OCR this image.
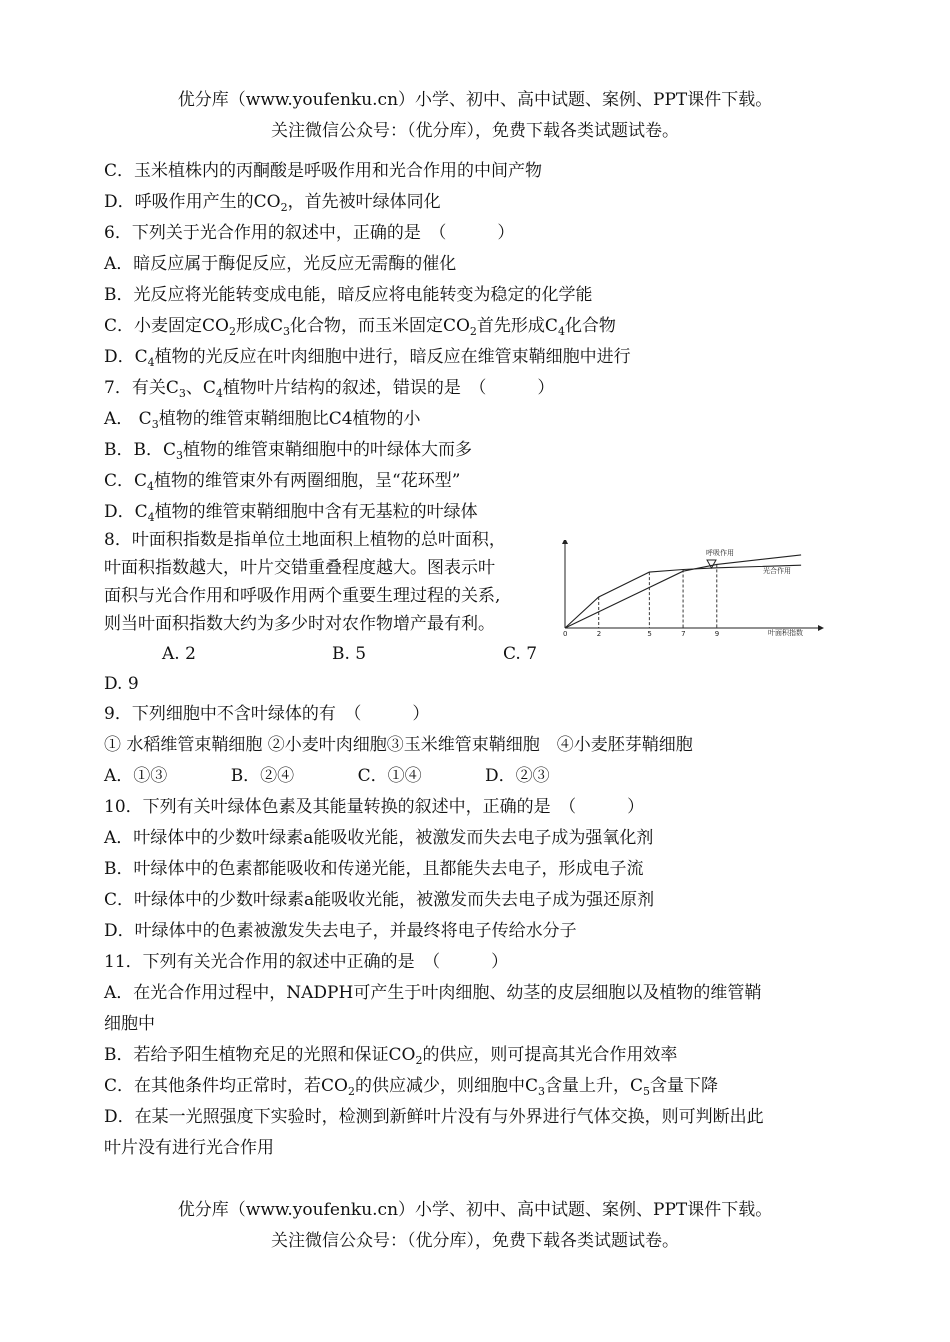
优分库（www.youfenku.cn）小学、初中、高中试题、案例、PPT课件下载。
关注微信公众号：（优分库），免费下载各类试题试卷。
C．玉米植株内的丙酮酸是呼吸作用和光合作用的中间产物
D．呼吸作用产生的$CO_2$，首先被叶绿体同化
6．下列关于光合作用的叙述中，正确的是　（　　　）
A．暗反应属于酶促反应，光反应无需酶的催化
B．光反应将光能转变成电能，暗反应将电能转变为稳定的化学能
C．小麦固定$CO_2$形成$C_3$化合物，而玉米固定$CO_2$首先形成$C_4$化合物
D．$C_4$植物的光反应在叶肉细胞中进行，暗反应在维管束鞘细胞中进行
7．有关$C_3$、$C_4$植物叶片结构的叙述，错误的是　（　　　）
A． $C_3$植物的维管束鞘细胞比C4植物的小
B．B．$C_3$植物的维管束鞘细胞中的叶绿体大而多
C．$C_4$植物的维管束外有两圈细胞，呈“花环型”
D．$C_4$植物的维管束鞘细胞中含有无基粒的叶绿体
8．叶面积指数是指单位土地面积上植物的总叶面积，
叶面积指数越大，叶片交错重叠程度越大。图表示叶
面积与光合作用和呼吸作用两个重要生理过程的关系,
则当叶面积指数大约为多少时对农作物增产最有利。
A. 2	B. 5	C. 7
D. 9
0	2	5	7	9	叶面积指数
光合作用
呼吸作用
9．下列细胞中不含叶绿体的有　（　　　）
① 水稻维管束鞘细胞 ②小麦叶肉细胞③玉米维管束鞘细胞　④小麦胚芽鞘细胞
A．①③	B．②④	C．①④	D．②③
10．下列有关叶绿体色素及其能量转换的叙述中，正确的是　（　　　）
A．叶绿体中的少数叶绿素a能吸收光能，被激发而失去电子成为强氧化剂
B．叶绿体中的色素都能吸收和传递光能，且都能失去电子，形成电子流
C．叶绿体中的少数叶绿素a能吸收光能，被激发而失去电子成为强还原剂
D．叶绿体中的色素被激发失去电子，并最终将电子传给水分子
11．下列有关光合作用的叙述中正确的是　（　　　）
A．在光合作用过程中，NADPH可产生于叶肉细胞、幼茎的皮层细胞以及植物的维管鞘
细胞中
B．若给予阳生植物充足的光照和保证$CO_2$的供应，则可提高其光合作用效率
C．在其他条件均正常时，若$CO_2$的供应减少，则细胞中$C_3$含量上升，$C_5$含量下降
D．在某一光照强度下实验时，检测到新鲜叶片没有与外界进行气体交换，则可判断出此
叶片没有进行光合作用
优分库（www.youfenku.cn）小学、初中、高中试题、案例、PPT课件下载。
关注微信公众号：（优分库），免费下载各类试题试卷。
